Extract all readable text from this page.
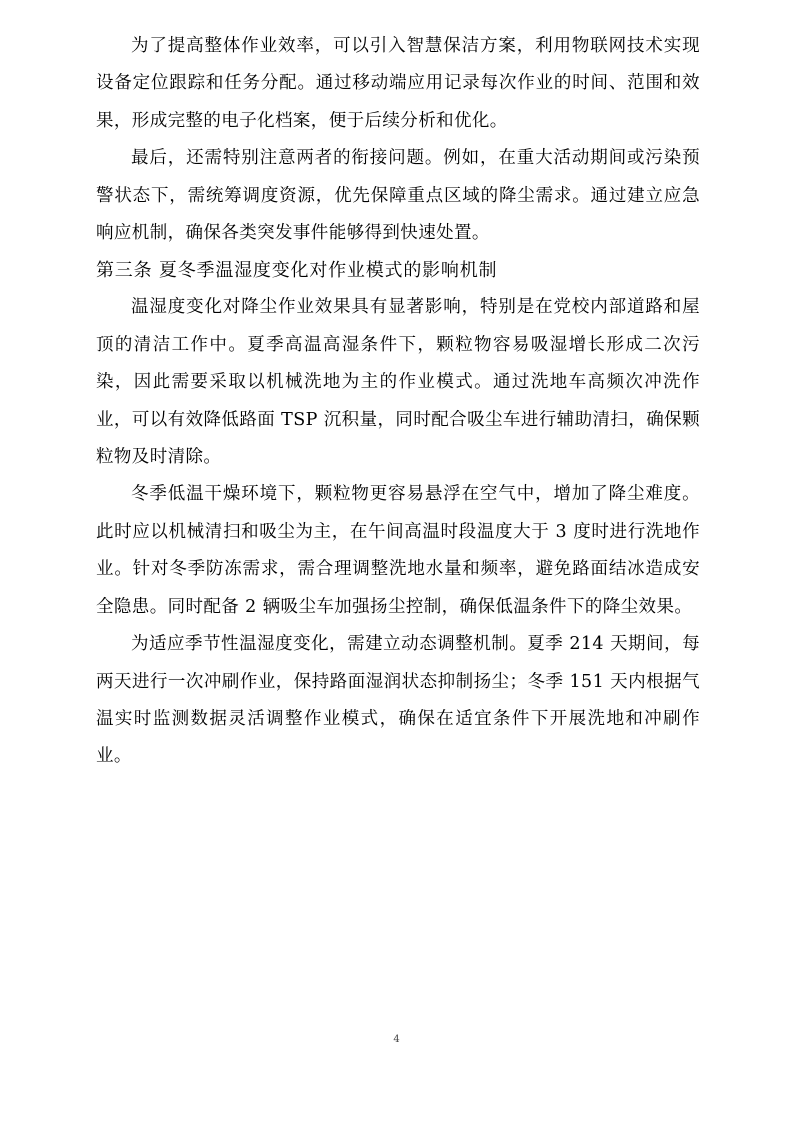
为了提高整体作业效率，可以引入智慧保洁方案，利用物联网技术实现设备定位跟踪和任务分配。通过移动端应用记录每次作业的时间、范围和效果，形成完整的电子化档案，便于后续分析和优化。

最后，还需特别注意两者的衔接问题。例如，在重大活动期间或污染预警状态下，需统筹调度资源，优先保障重点区域的降尘需求。通过建立应急响应机制，确保各类突发事件能够得到快速处置。

第三条 夏冬季温湿度变化对作业模式的影响机制

温湿度变化对降尘作业效果具有显著影响，特别是在党校内部道路和屋顶的清洁工作中。夏季高温高湿条件下，颗粒物容易吸湿增长形成二次污染，因此需要采取以机械洗地为主的作业模式。通过洗地车高频次冲洗作业，可以有效降低路面 TSP 沉积量，同时配合吸尘车进行辅助清扫，确保颗粒物及时清除。

冬季低温干燥环境下，颗粒物更容易悬浮在空气中，增加了降尘难度。此时应以机械清扫和吸尘为主，在午间高温时段温度大于 3 度时进行洗地作业。针对冬季防冻需求，需合理调整洗地水量和频率，避免路面结冰造成安全隐患。同时配备 2 辆吸尘车加强扬尘控制，确保低温条件下的降尘效果。

为适应季节性温湿度变化，需建立动态调整机制。夏季 214 天期间，每两天进行一次冲刷作业，保持路面湿润状态抑制扬尘；冬季 151 天内根据气温实时监测数据灵活调整作业模式，确保在适宜条件下开展洗地和冲刷作业。

4
